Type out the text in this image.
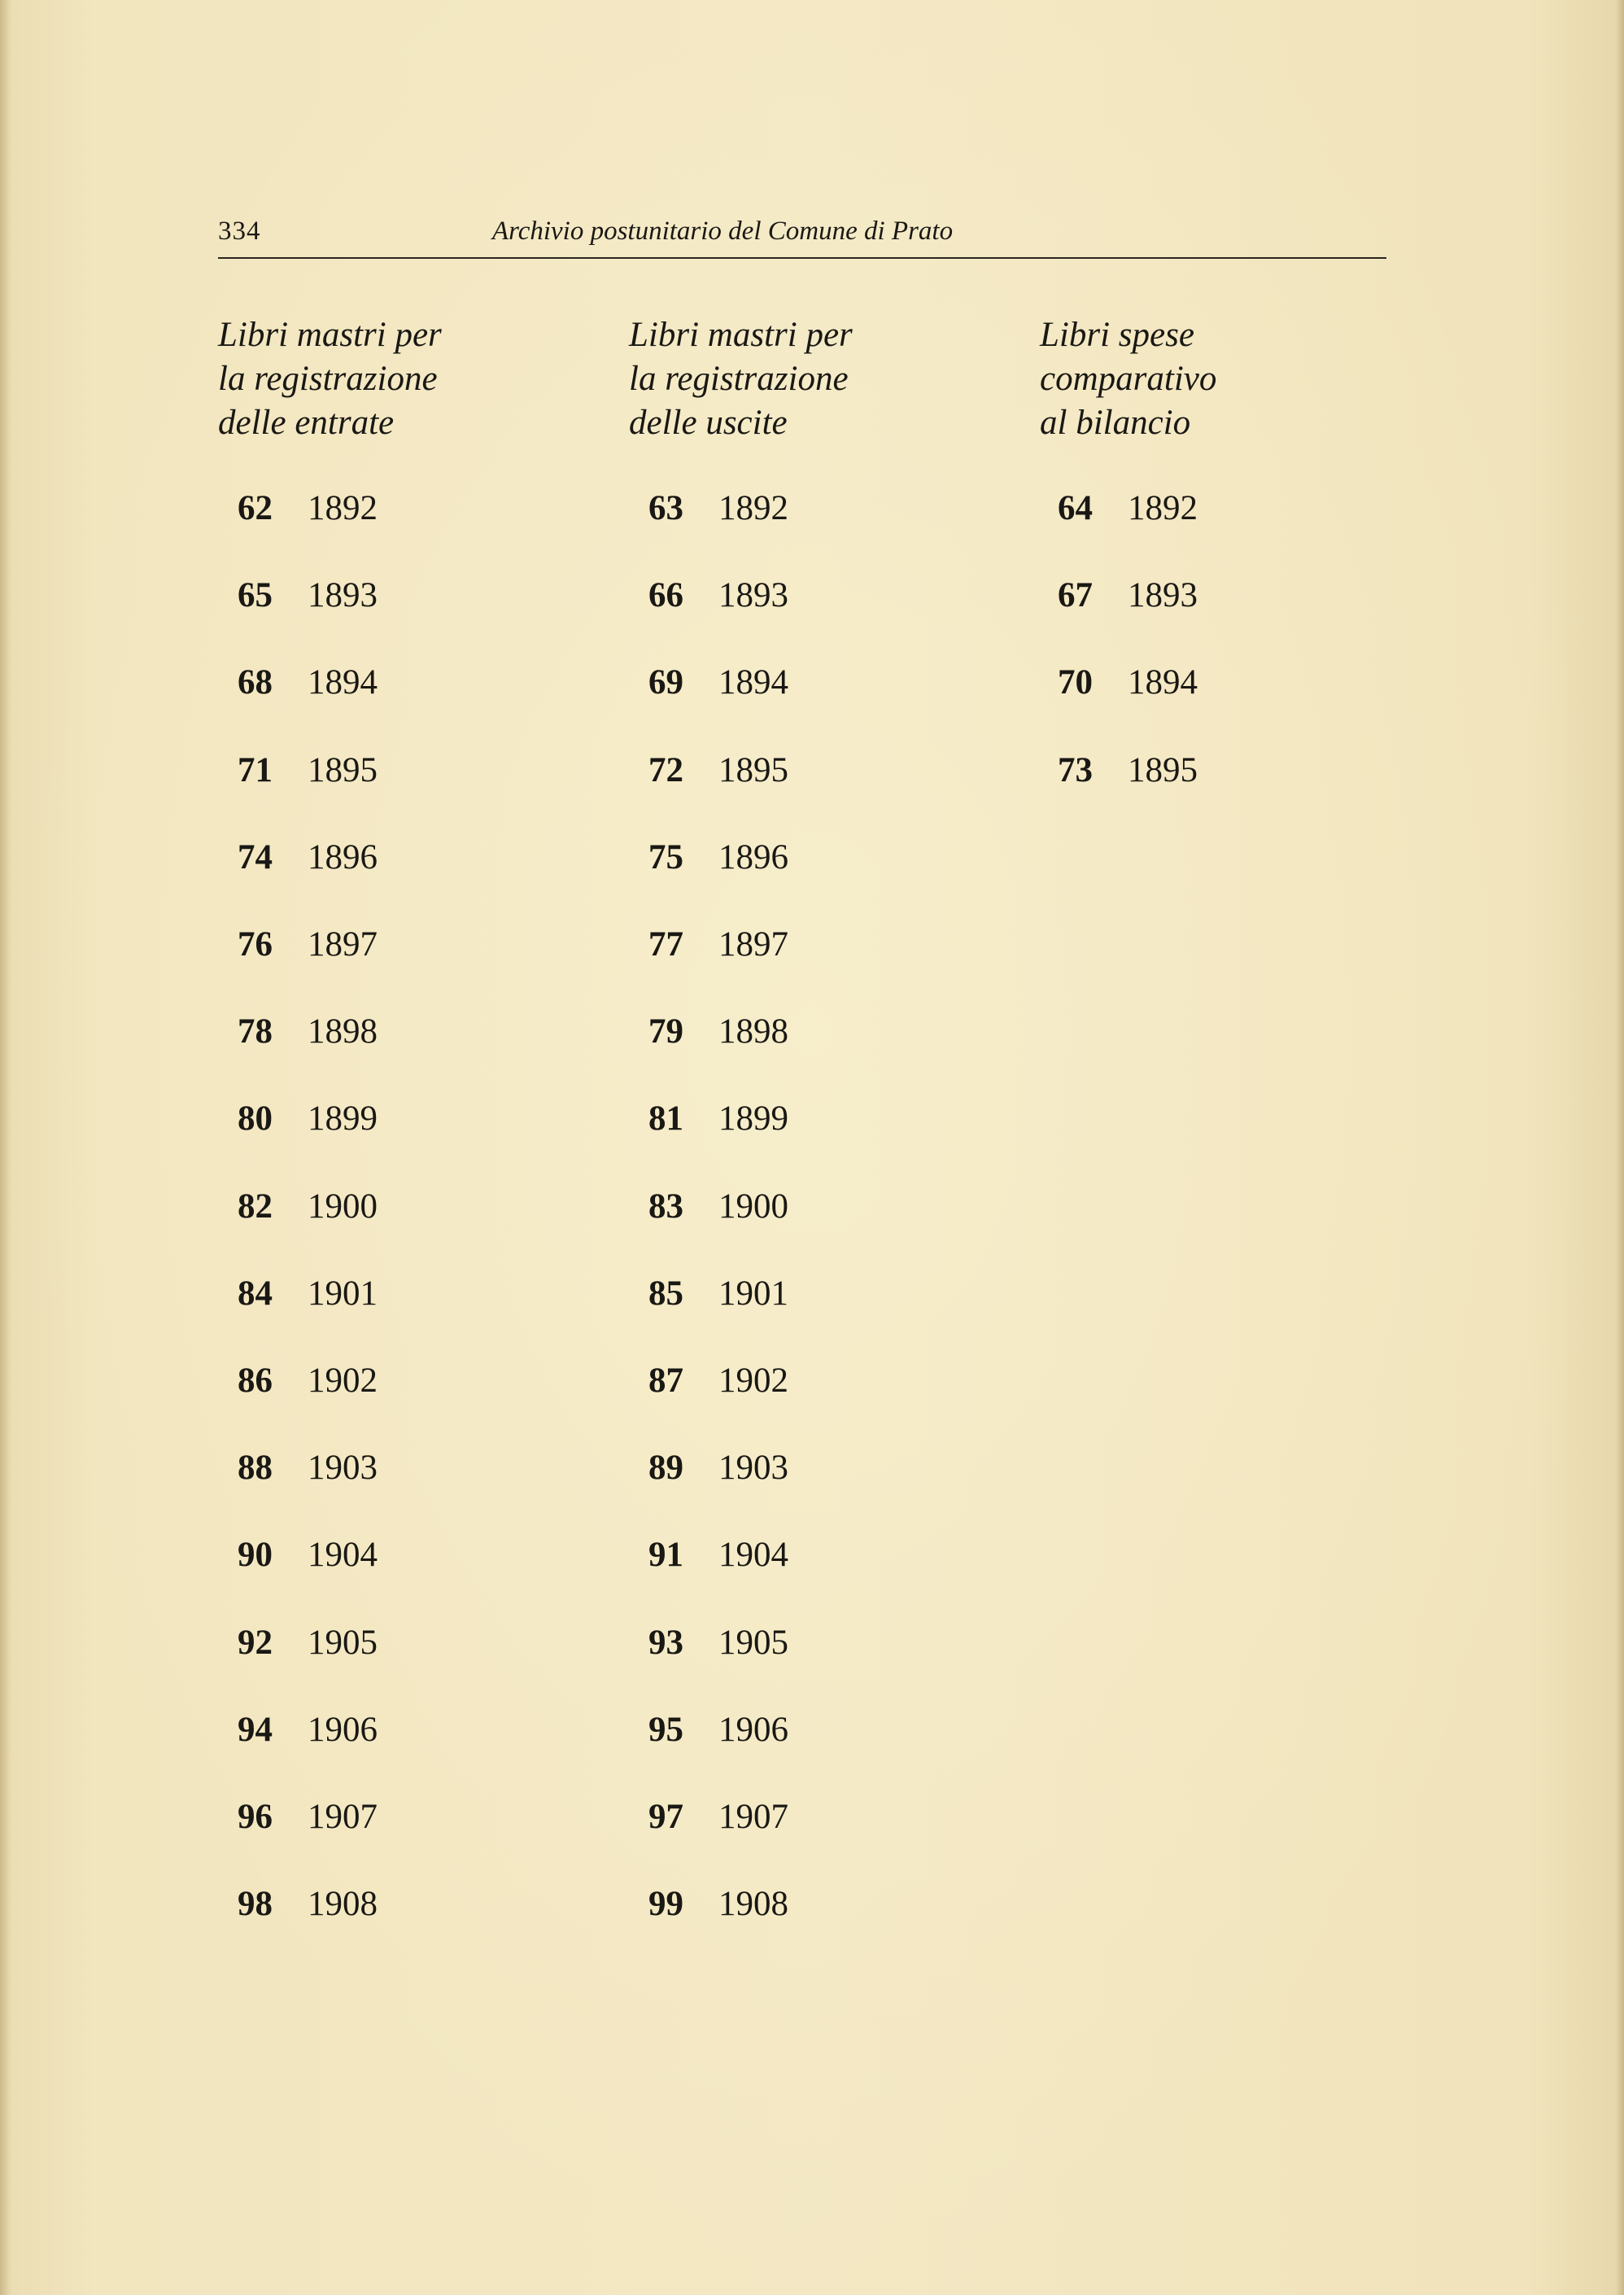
334	Archivio postunitario del Comune di Prato
Libri mastri per
la registrazione
delle entrate
62 1892
65 1893
68 1894
71 1895
74 1896
76 1897
78 1898
80 1899
82 1900
84 1901
86 1902
88 1903
90 1904
92 1905
94 1906
96 1907
98 1908
Libri mastri per
la registrazione
delle uscite
63 1892
66 1893
69 1894
72 1895
75 1896
77 1897
79 1898
81 1899
83 1900
85 1901
87 1902
89 1903
91 1904
93 1905
95 1906
97 1907
99 1908
Libri spese
comparativo
al bilancio
64 1892
67 1893
70 1894
73 1895
